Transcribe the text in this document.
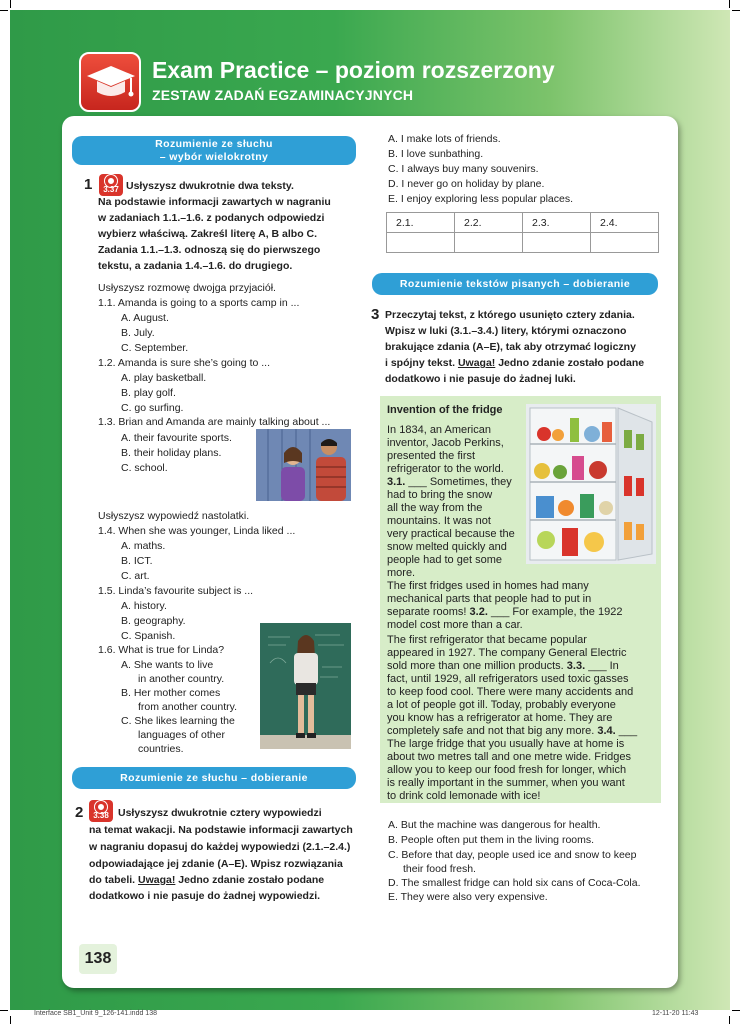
Exam Practice – poziom rozszerzony
ZESTAW ZADAŃ EGZAMINACYJNYCH
Rozumienie ze słuchu
– wybór wielokrotny
1	3.37 Usłyszysz dwukrotnie dwa teksty.
Na podstawie informacji zawartych w nagraniu
w zadaniach 1.1.–1.6. z podanych odpowiedzi
wybierz właściwą. Zakreśl literę A, B albo C.
Zadania 1.1.–1.3. odnoszą się do pierwszego
tekstu, a zadania 1.4.–1.6. do drugiego.
Usłyszysz rozmowę dwojga przyjaciół.
1.1. Amanda is going to a sports camp in ...
A. August.
B. July.
C. September.
1.2. Amanda is sure she’s going to ...
A. play basketball.
B. play golf.
C. go surfing.
1.3. Brian and Amanda are mainly talking about ...
A. their favourite sports.
B. their holiday plans.
C. school.
Usłyszysz wypowiedź nastolatki.
1.4. When she was younger, Linda liked ...
A. maths.
B. ICT.
C. art.
1.5. Linda’s favourite subject is ...
A. history.
B. geography.
C. Spanish.
1.6. What is true for Linda?
A. She wants to live
in another country.
B. Her mother comes
from another country.
C. She likes learning the
languages of other
countries.
Rozumienie ze słuchu – dobieranie
2	3.38 Usłyszysz dwukrotnie cztery wypowiedzi
na temat wakacji. Na podstawie informacji zawartych
w nagraniu dopasuj do każdej wypowiedzi (2.1.–2.4.)
odpowiadające jej zdanie (A–E). Wpisz rozwiązania
do tabeli. Uwaga! Jedno zdanie zostało podane
dodatkowo i nie pasuje do żadnej wypowiedzi.
A. I make lots of friends.
B. I love sunbathing.
C. I always buy many souvenirs.
D. I never go on holiday by plane.
E. I enjoy exploring less popular places.
2.1.	2.2.	2.3.	2.4.

Rozumienie tekstów pisanych – dobieranie
3 Przeczytaj tekst, z którego usunięto cztery zdania.
Wpisz w luki (3.1.–3.4.) litery, którymi oznaczono
brakujące zdania (A–E), tak aby otrzymać logiczny
i spójny tekst. Uwaga! Jedno zdanie zostało podane
dodatkowo i nie pasuje do żadnej luki.
Invention of the fridge
In 1834, an American
inventor, Jacob Perkins,
presented the first
refrigerator to the world.
3.1. ___ Sometimes, they
had to bring the snow
all the way from the
mountains. It was not
very practical because the
snow melted quickly and
people had to get some
more.
The first fridges used in homes had many
mechanical parts that people had to put in
separate rooms! 3.2. ___ For example, the 1922
model cost more than a car.
The first refrigerator that became popular
appeared in 1927. The company General Electric
sold more than one million products. 3.3. ___ In
fact, until 1929, all refrigerators used toxic gasses
to keep food cool. There were many accidents and
a lot of people got ill. Today, probably everyone
you know has a refrigerator at home. They are
completely safe and not that big any more. 3.4. ___
The large fridge that you usually have at home is
about two metres tall and one metre wide. Fridges
allow you to keep our food fresh for longer, which
is really important in the summer, when you want
to drink cold lemonade with ice!
A. But the machine was dangerous for health.
B. People often put them in the living rooms.
C. Before that day, people used ice and snow to keep
their food fresh.
D. The smallest fridge can hold six cans of Coca-Cola.
E. They were also very expensive.
138
Interface SB1_Unit 9_126-141.indd 138	12-11-20 11:43
